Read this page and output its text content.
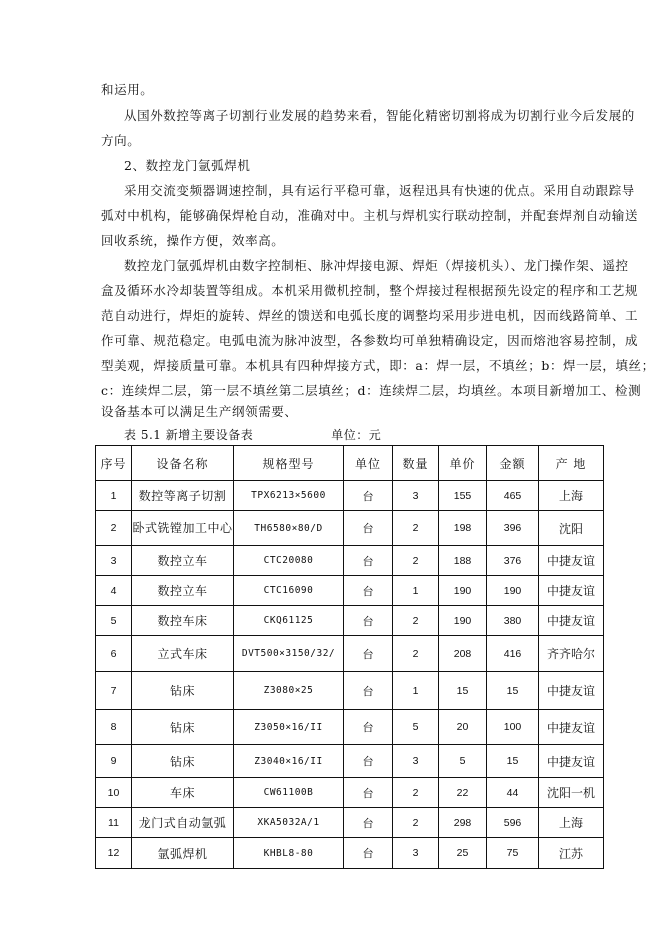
和运用。
从国外数控等离子切割行业发展的趋势来看，智能化精密切割将成为切割行业今后发展的
方向。
2、数控龙门氩弧焊机
采用交流变频器调速控制，具有运行平稳可靠，返程迅具有快速的优点。采用自动跟踪导
弧对中机构，能够确保焊枪自动，准确对中。主机与焊机实行联动控制，并配套焊剂自动输送
回收系统，操作方便，效率高。
数控龙门氩弧焊机由数字控制柜、脉冲焊接电源、焊炬（焊接机头）、龙门操作架、遥控
盒及循环水冷却装置等组成。本机采用微机控制，整个焊接过程根据预先设定的程序和工艺规
范自动进行，焊炬的旋转、焊丝的馈送和电弧长度的调整均采用步进电机，因而线路简单、工
作可靠、规范稳定。电弧电流为脉冲波型，各参数均可单独精确设定，因而熔池容易控制，成
型美观，焊接质量可靠。本机具有四种焊接方式，即：a：焊一层，不填丝；b：焊一层，填丝；
c：连续焊二层，第一层不填丝第二层填丝；d：连续焊二层，均填丝。本项目新增加工、检测
设备基本可以满足生产纲领需要、
表 5.1 新增主要设备表	单位：元
序号	设备名称	规格型号	单位	数量	单价	金额	产 地
1	数控等离子切割	TPX6213×5600	台	3	155	465	上海
2	卧式铣镗加工中心	TH6580×80/D	台	2	198	396	沈阳
3	数控立车	CTC20080	台	2	188	376	中捷友谊
4	数控立车	CTC16090	台	1	190	190	中捷友谊
5	数控车床	CKQ61125	台	2	190	380	中捷友谊
6	立式车床	DVT500×3150/32/	台	2	208	416	齐齐哈尔
7	钻床	Z3080×25	台	1	15	15	中捷友谊
8	钻床	Z3050×16/II	台	5	20	100	中捷友谊
9	钻床	Z3040×16/II	台	3	5	15	中捷友谊
10	车床	CW61100B	台	2	22	44	沈阳一机
11	龙门式自动氩弧	XKA5032A/1	台	2	298	596	上海
12	氩弧焊机	KHBL8-80	台	3	25	75	江苏
